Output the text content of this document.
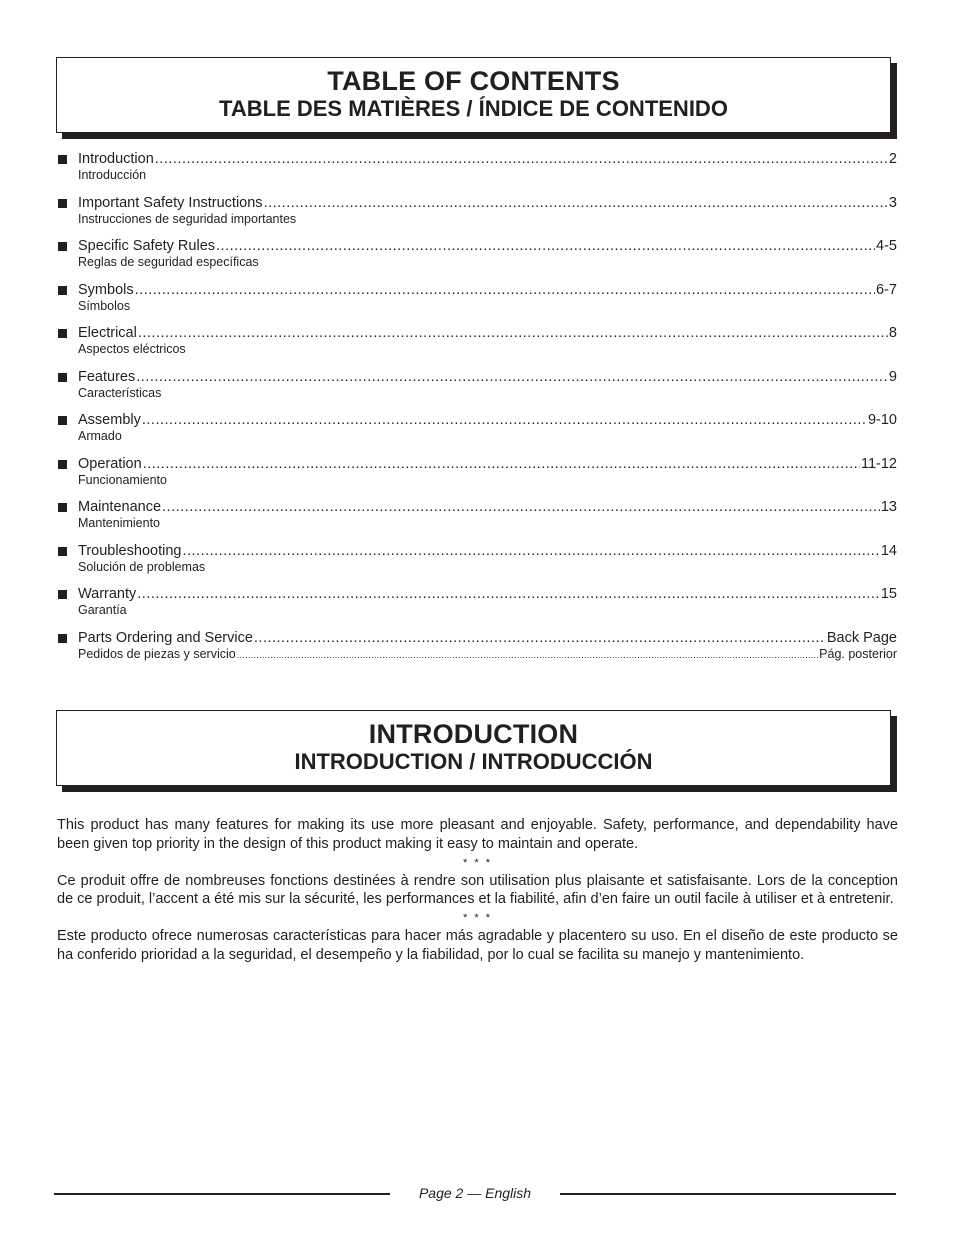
TABLE OF CONTENTS
TABLE DES MATIÈRES / ÍNDICE DE CONTENIDO
Introduction .....	2
Introducción
Important Safety Instructions .....	3
Instrucciones de seguridad importantes
Specific Safety Rules .....	4-5
Reglas de seguridad específicas
Symbols .....	6-7
Símbolos
Electrical .....	8
Aspectos eléctricos
Features .....	9
Características
Assembly .....	9-10
Armado
Operation .....	11-12
Funcionamiento
Maintenance .....	13
Mantenimiento
Troubleshooting .....	14
Solución de problemas
Warranty .....	15
Garantía
Parts Ordering and Service .....	Back Page
Pedidos de piezas y servicio .....	Pág. posterior
INTRODUCTION
INTRODUCTION / INTRODUCCIÓN

This product has many features for making its use more pleasant and enjoyable. Safety, performance, and dependability have been given top priority in the design of this product making it easy to maintain and operate.

* * *

Ce produit offre de nombreuses fonctions destinées à rendre son utilisation plus plaisante et satisfaisante. Lors de la conception de ce produit, l’accent a été mis sur la sécurité, les performances et la fiabilité, afin d’en faire un outil facile à utiliser et à entretenir.

* * *

Este producto ofrece numerosas características para hacer más agradable y placentero su uso. En el diseño de este producto se ha conferido prioridad a la seguridad, el desempeño y la fiabilidad, por lo cual se facilita su manejo y mantenimiento.

Page 2 — English
